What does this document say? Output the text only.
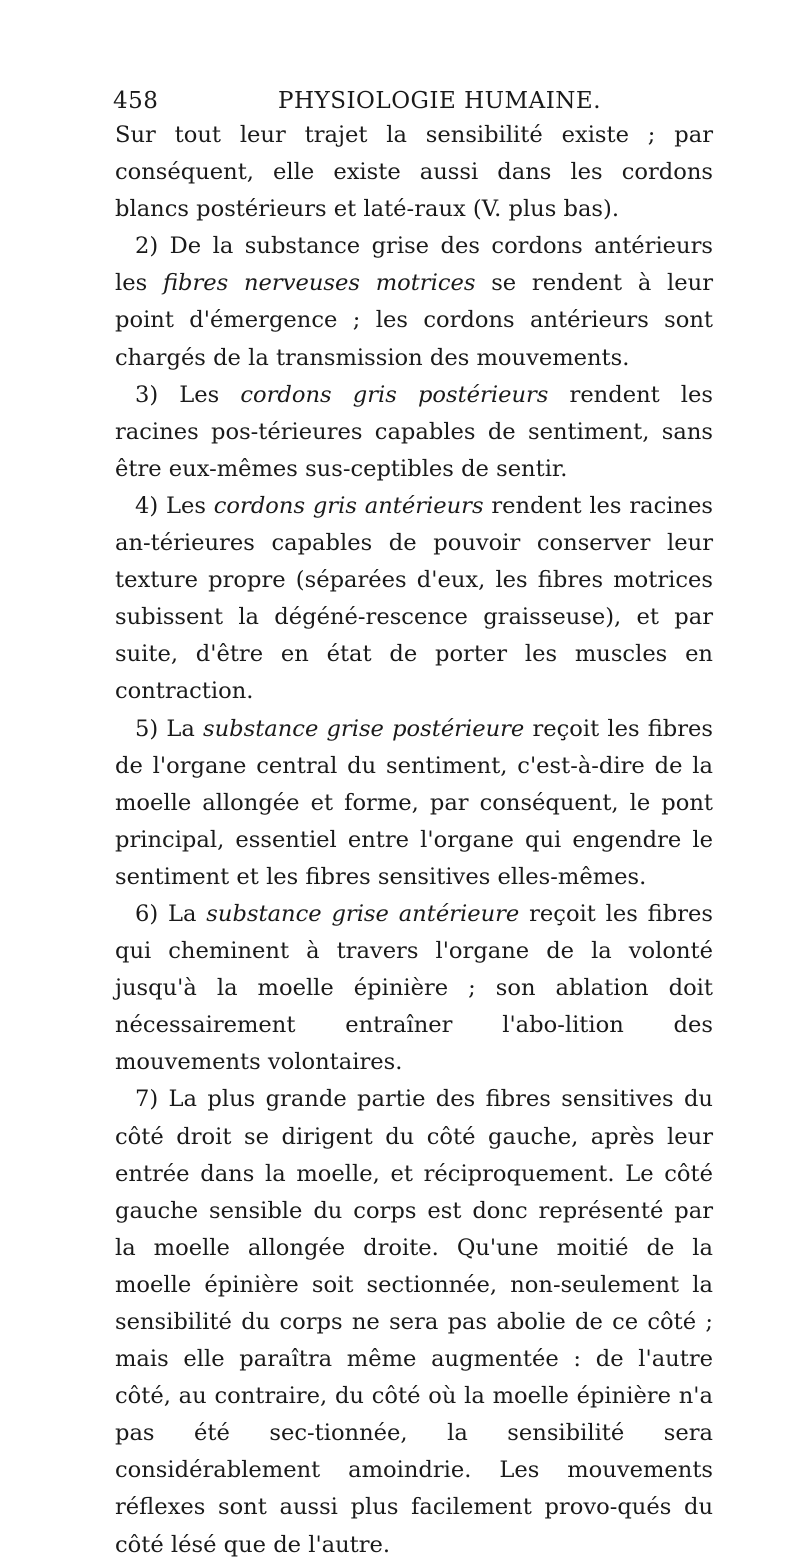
458	PHYSIOLOGIE HUMAINE.

Sur tout leur trajet la sensibilité existe ; par conséquent, elle existe aussi dans les cordons blancs postérieurs et laté-raux (V. plus bas).

2) De la substance grise des cordons antérieurs les fibres nerveuses motrices se rendent à leur point d'émergence ; les cordons antérieurs sont chargés de la transmission des mouvements.

3) Les cordons gris postérieurs rendent les racines pos-térieures capables de sentiment, sans être eux-mêmes sus-ceptibles de sentir.

4) Les cordons gris antérieurs rendent les racines an-térieures capables de pouvoir conserver leur texture propre (séparées d'eux, les fibres motrices subissent la dégéné-rescence graisseuse), et par suite, d'être en état de porter les muscles en contraction.

5) La substance grise postérieure reçoit les fibres de l'organe central du sentiment, c'est-à-dire de la moelle allongée et forme, par conséquent, le pont principal, essentiel entre l'organe qui engendre le sentiment et les fibres sensitives elles-mêmes.

6) La substance grise antérieure reçoit les fibres qui cheminent à travers l'organe de la volonté jusqu'à la moelle épinière ; son ablation doit nécessairement entraîner l'abo-lition des mouvements volontaires.

7) La plus grande partie des fibres sensitives du côté droit se dirigent du côté gauche, après leur entrée dans la moelle, et réciproquement. Le côté gauche sensible du corps est donc représenté par la moelle allongée droite. Qu'une moitié de la moelle épinière soit sectionnée, non-seulement la sensibilité du corps ne sera pas abolie de ce côté ; mais elle paraîtra même augmentée : de l'autre côté, au contraire, du côté où la moelle épinière n'a pas été sec-tionnée, la sensibilité sera considérablement amoindrie. Les mouvements réflexes sont aussi plus facilement provo-qués du côté lésé que de l'autre.
